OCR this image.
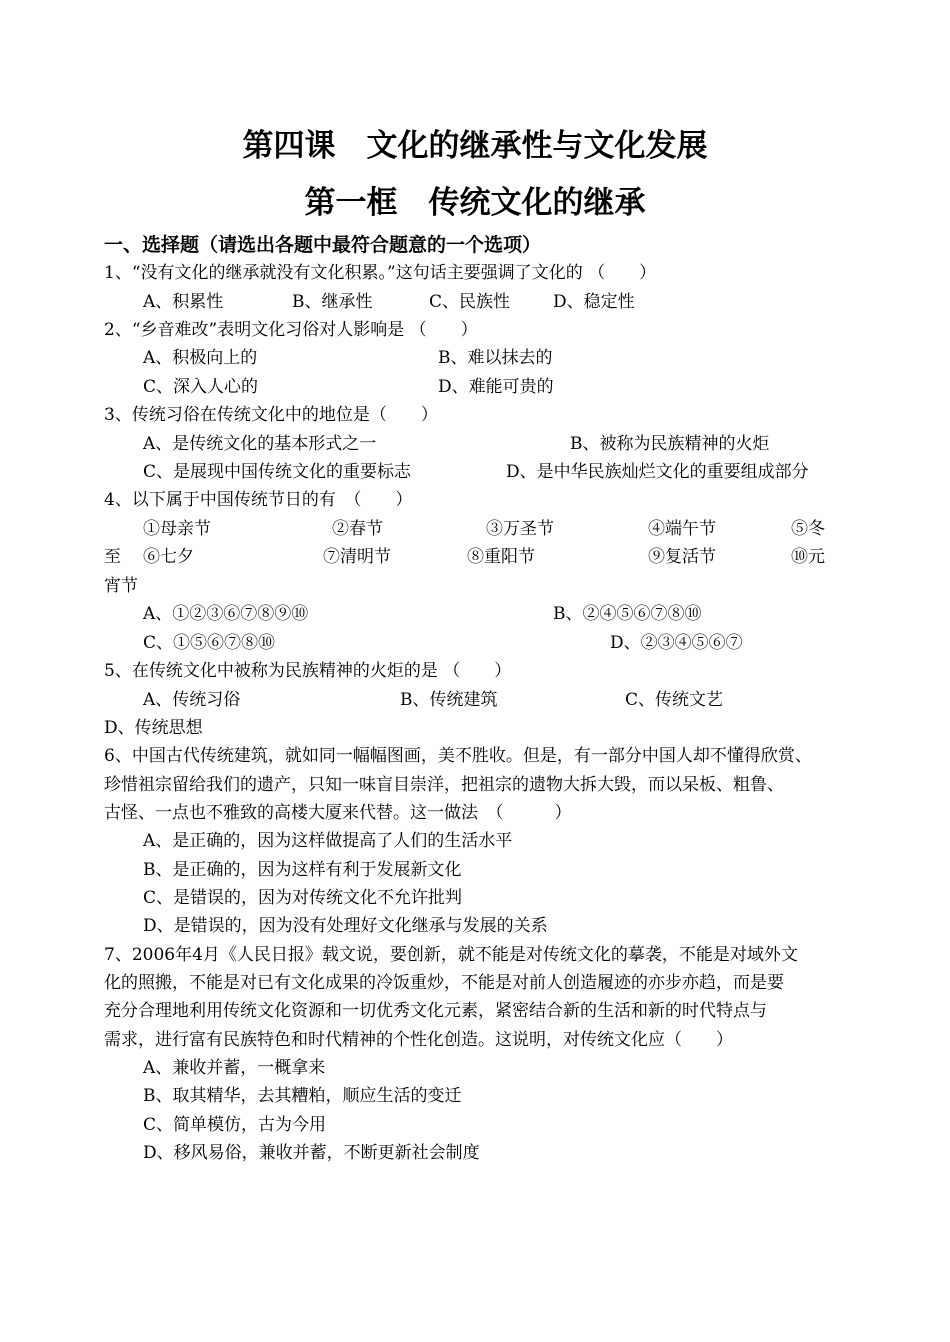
第四课　文化的继承性与文化发展
第一框　传统文化的继承
一、选择题（请选出各题中最符合题意的一个选项）
1、“没有文化的继承就没有文化积累。”这句话主要强调了文化的 （　　）
A、积累性	B、继承性	C、民族性	D、稳定性
2、“乡音难改”表明文化习俗对人影响是 （　　）
A、积极向上的	B、难以抹去的
C、深入人心的	D、难能可贵的
3、传统习俗在传统文化中的地位是（　　）
A、是传统文化的基本形式之一	B、被称为民族精神的火炬
C、是展现中国传统文化的重要标志	D、是中华民族灿烂文化的重要组成部分
4、以下属于中国传统节日的有　（　　）
①母亲节	②春节	③万圣节	④端午节	⑤冬
至 ⑥七夕	⑦清明节	⑧重阳节	⑨复活节	⑩元
宵节
A、①②③⑥⑦⑧⑨⑩	B、②④⑤⑥⑦⑧⑩
C、①⑤⑥⑦⑧⑩	D、②③④⑤⑥⑦
5、在传统文化中被称为民族精神的火炬的是 （　　）
A、传统习俗	B、传统建筑	C、传统文艺
D、传统思想
6、中国古代传统建筑，就如同一幅幅图画，美不胜收。但是，有一部分中国人却不懂得欣赏、
珍惜祖宗留给我们的遗产，只知一味盲目崇洋，把祖宗的遗物大拆大毁，而以呆板、粗鲁、
古怪、一点也不雅致的高楼大厦来代替。这一做法　（　　　）
A、是正确的，因为这样做提高了人们的生活水平
B、是正确的，因为这样有利于发展新文化
C、是错误的，因为对传统文化不允许批判
D、是错误的，因为没有处理好文化继承与发展的关系
7、2006年4月《人民日报》载文说，要创新，就不能是对传统文化的摹袭，不能是对域外文
化的照搬，不能是对已有文化成果的冷饭重炒，不能是对前人创造履迹的亦步亦趋，而是要
充分合理地利用传统文化资源和一切优秀文化元素，紧密结合新的生活和新的时代特点与
需求，进行富有民族特色和时代精神的个性化创造。这说明，对传统文化应（　　）
A、兼收并蓄，一概拿来
B、取其精华，去其糟粕，顺应生活的变迁
C、简单模仿，古为今用
D、移风易俗，兼收并蓄，不断更新社会制度
